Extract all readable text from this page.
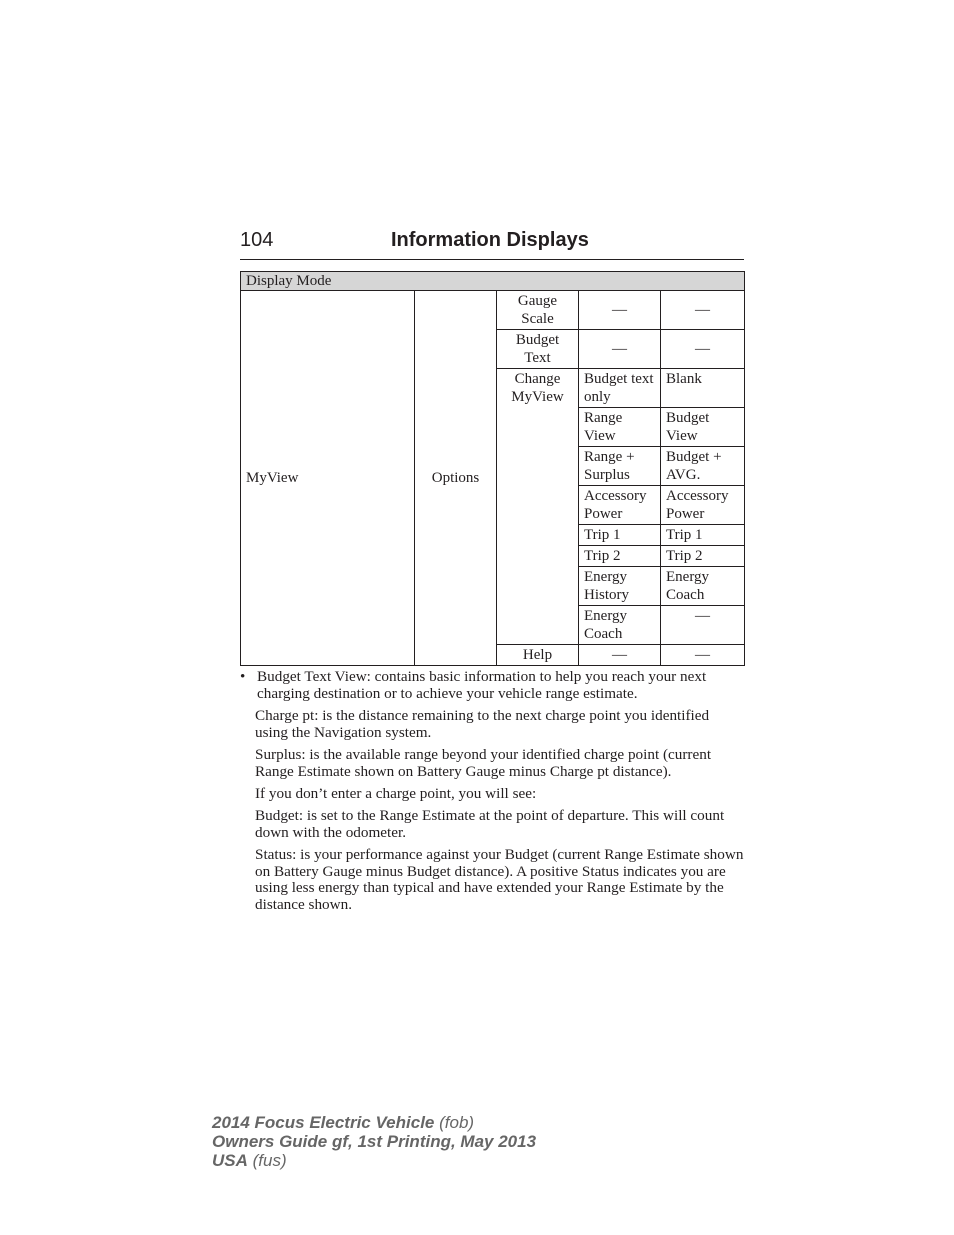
104	Information Displays
Display Mode				
MyView	Options	Gauge Scale	—	—
		Budget Text	—	—
		Change MyView	Budget text only	Blank
			Range View	Budget View
			Range + Surplus	Budget + AVG.
			Accessory Power	Accessory Power
			Trip 1	Trip 1
			Trip 2	Trip 2
			Energy History	Energy Coach
			Energy Coach	—
		Help	—	—
• Budget Text View: contains basic information to help you reach your next charging destination or to achieve your vehicle range estimate.

Charge pt: is the distance remaining to the next charge point you identified using the Navigation system.

Surplus: is the available range beyond your identified charge point (current Range Estimate shown on Battery Gauge minus Charge pt distance).

If you don’t enter a charge point, you will see:

Budget: is set to the Range Estimate at the point of departure. This will count down with the odometer.

Status: is your performance against your Budget (current Range Estimate shown on Battery Gauge minus Budget distance). A positive Status indicates you are using less energy than typical and have extended your Range Estimate by the distance shown.

2014 Focus Electric Vehicle (fob)
Owners Guide gf, 1st Printing, May 2013
USA (fus)
